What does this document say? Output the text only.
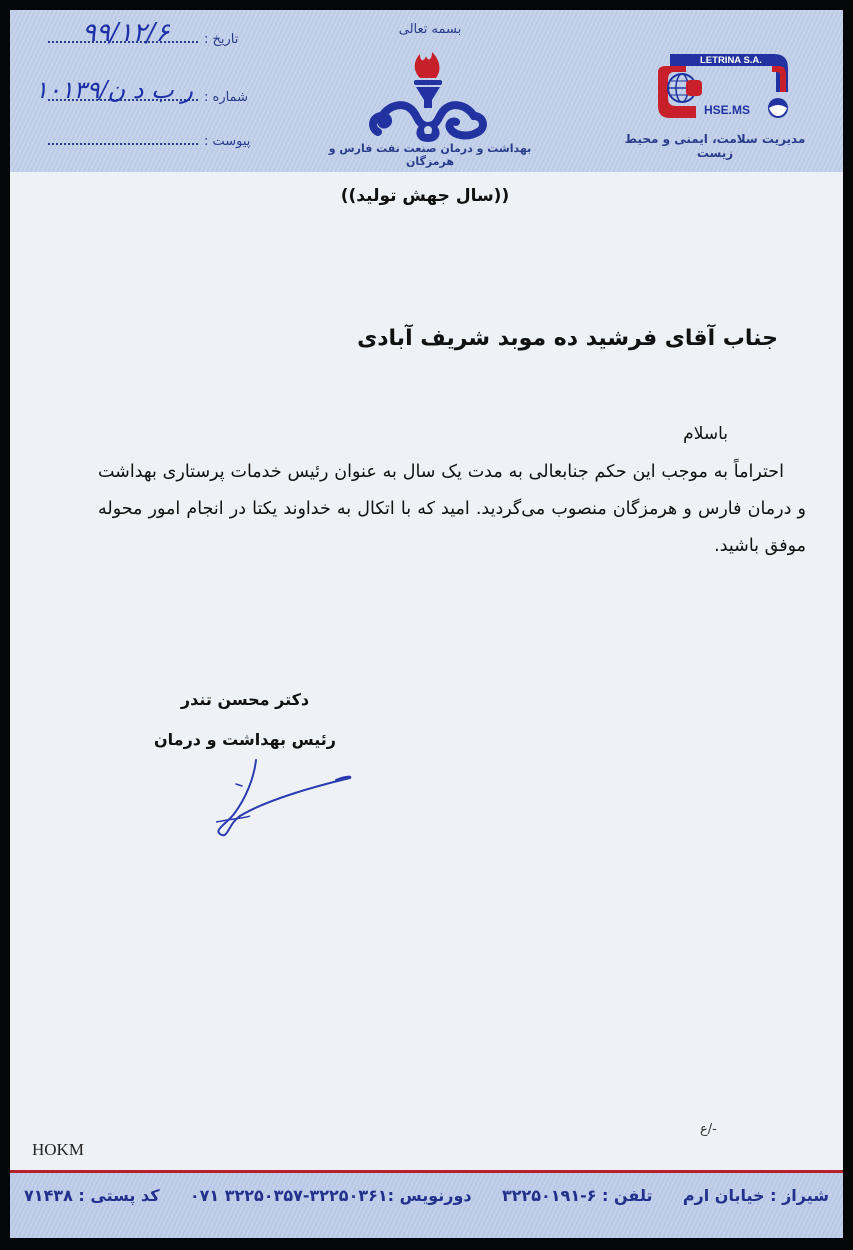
تاریخ :
۹۹/۱۲/۶
شماره :
ر ب د ن/۱۰۱۳۹
پیوست :
بسمه تعالی
بهداشت و درمان صنعت نفت فارس و هرمزگان
LETRINA S.A.
HSE.MS
مدیریت سلامت، ایمنی و محیط زیست
((سال جهش تولید))
جناب آقای فرشید ده موبد شریف آبادی
باسلام
احتراماً به موجب این حکم جنابعالی به مدت یک سال به عنوان رئیس خدمات پرستاری بهداشت و درمان فارس و هرمزگان منصوب می‌گردید. امید که با اتکال به خداوند یکتا در انجام امور محوله موفق باشید.
دکتر محسن تندر
رئیس بهداشت و درمان
-/ع
HOKM
شیراز : خیابان ارم
تلفن : ۶-۳۲۲۵۰۱۹۱
دورنویس :۳۲۲۵۰۳۶۱-۳۲۲۵۰۳۵۷ ۰۷۱
کد پستی : ۷۱۴۳۸
